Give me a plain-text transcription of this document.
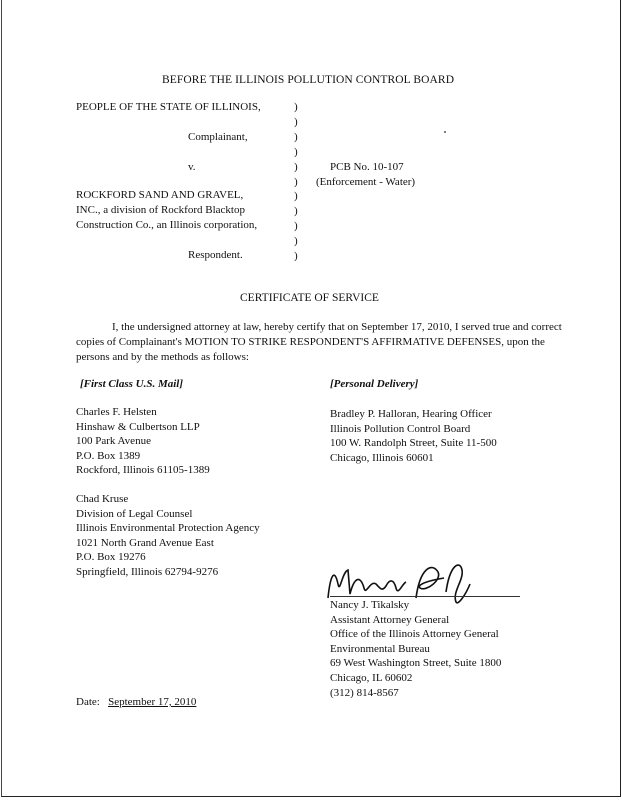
BEFORE THE ILLINOIS POLLUTION CONTROL BOARD
PEOPLE OF THE STATE OF ILLINOIS,
Complainant,
v.
ROCKFORD SAND AND GRAVEL,
INC., a division of Rockford Blacktop
Construction Co., an Illinois corporation,
Respondent.
)
)
)
)
)
)
)
)
)
)
)
PCB No. 10-107
(Enforcement - Water)
CERTIFICATE OF SERVICE
I, the undersigned attorney at law, hereby certify that on September 17, 2010, I served true and correct copies of Complainant's MOTION TO STRIKE RESPONDENT'S AFFIRMATIVE DEFENSES, upon the persons and by the methods as follows:
[First Class U.S. Mail]	[Personal Delivery]
Charles F. Helsten
Hinshaw & Culbertson LLP
100 Park Avenue
P.O. Box 1389
Rockford, Illinois 61105-1389
Chad Kruse
Division of Legal Counsel
Illinois Environmental Protection Agency
1021 North Grand Avenue East
P.O. Box 19276
Springfield, Illinois 62794-9276
Bradley P. Halloran, Hearing Officer
Illinois Pollution Control Board
100 W. Randolph Street, Suite 11-500
Chicago, Illinois 60601
Nancy J. Tikalsky
Assistant Attorney General
Office of the Illinois Attorney General
Environmental Bureau
69 West Washington Street, Suite 1800
Chicago, IL 60602
(312) 814-8567
Date: September 17, 2010
